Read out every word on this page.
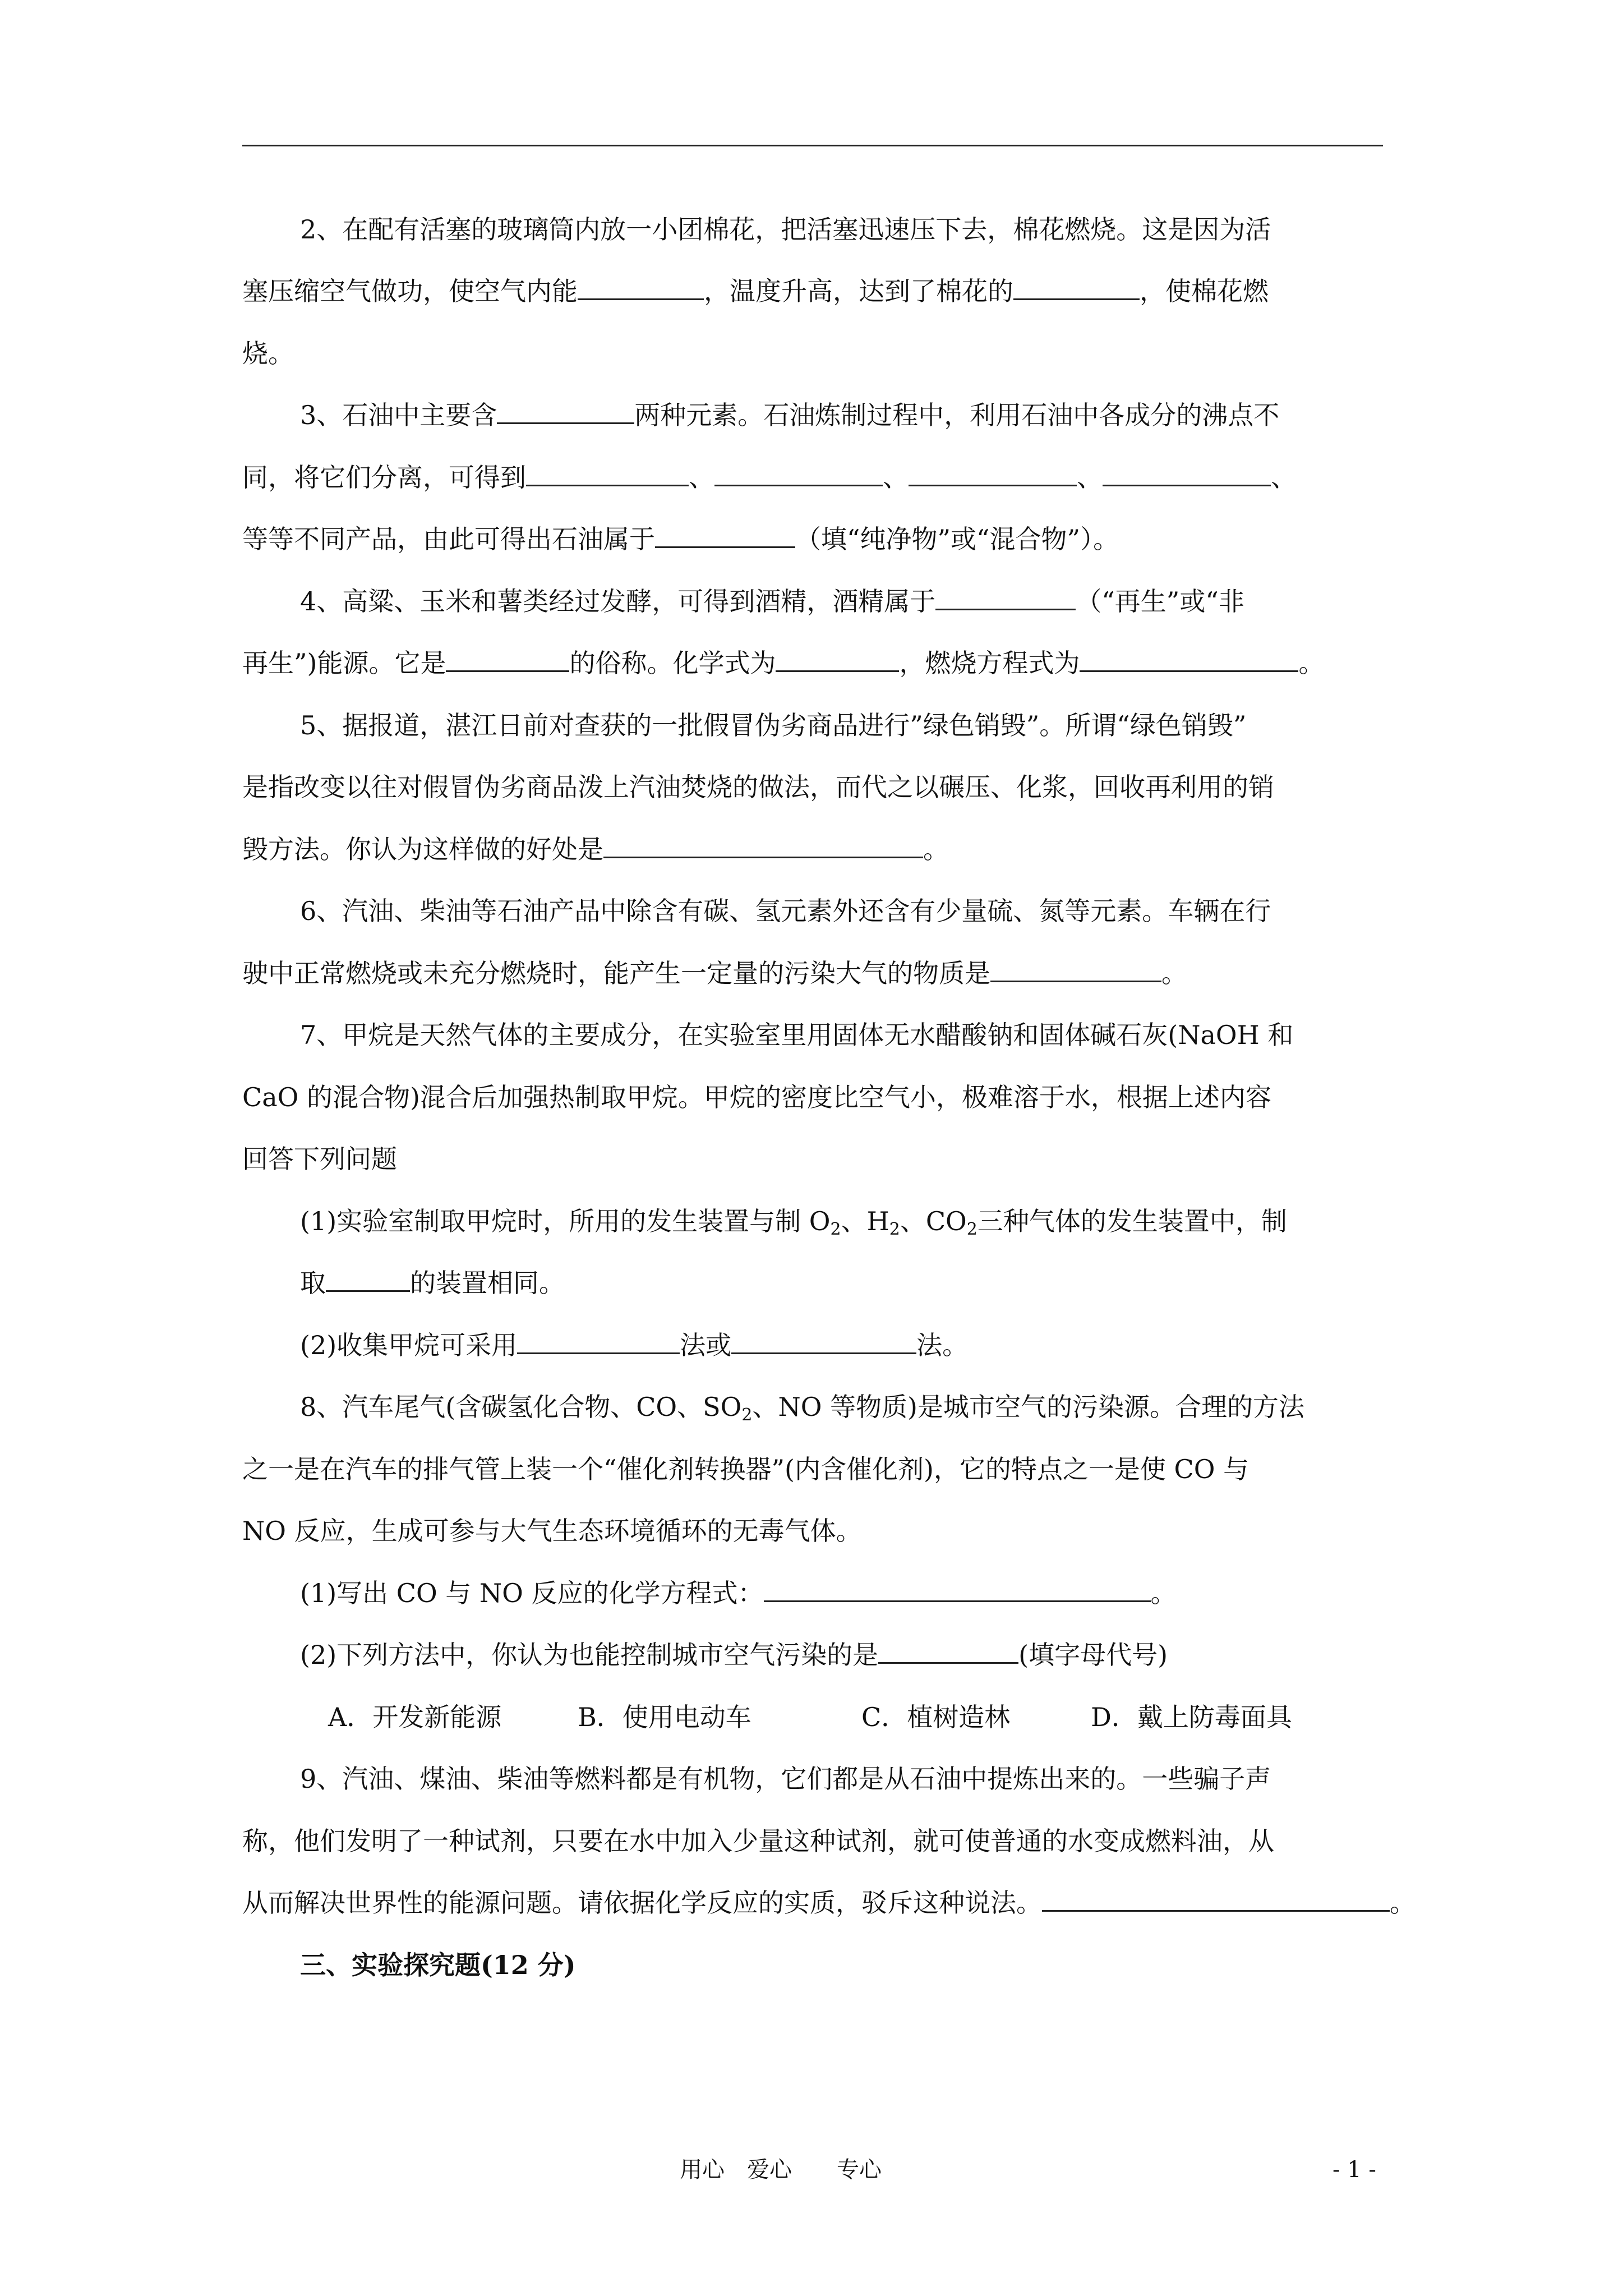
2、在配有活塞的玻璃筒内放一小团棉花，把活塞迅速压下去，棉花燃烧。这是因为活
塞压缩空气做功，使空气内能	，温度升高，达到了棉花的	，使棉花燃
烧。
3、石油中主要含	两种元素。石油炼制过程中，利用石油中各成分的沸点不
同，将它们分离，可得到	、	、	、	、
等等不同产品，由此可得出石油属于	（填“纯净物”或“混合物”）。
4、高粱、玉米和薯类经过发酵，可得到酒精，酒精属于	（“再生”或“非
再生”)能源。它是	的俗称。化学式为	，燃烧方程式为	。
5、据报道，湛江日前对查获的一批假冒伪劣商品进行”绿色销毁”。所谓“绿色销毁”
是指改变以往对假冒伪劣商品泼上汽油焚烧的做法，而代之以碾压、化浆，回收再利用的销
毁方法。你认为这样做的好处是	。
6、汽油、柴油等石油产品中除含有碳、氢元素外还含有少量硫、氮等元素。车辆在行
驶中正常燃烧或未充分燃烧时，能产生一定量的污染大气的物质是	。
7、甲烷是天然气体的主要成分，在实验室里用固体无水醋酸钠和固体碱石灰(NaOH 和
CaO 的混合物)混合后加强热制取甲烷。甲烷的密度比空气小，极难溶于水，根据上述内容
回答下列问题
(1)实验室制取甲烷时，所用的发生装置与制 $O_2$、$H_2$、$CO_2$三种气体的发生装置中，制
取	的装置相同。
(2)收集甲烷可采用	法或	法。
8、汽车尾气(含碳氢化合物、CO、$SO_2$、NO 等物质)是城市空气的污染源。合理的方法
之一是在汽车的排气管上装一个“催化剂转换器”(内含催化剂)，它的特点之一是使 CO 与
NO 反应，生成可参与大气生态环境循环的无毒气体。
(1)写出 CO 与 NO 反应的化学方程式：	。
(2)下列方法中，你认为也能控制城市空气污染的是	(填字母代号)
A．开发新能源	B．使用电动车	C．植树造林	D．戴上防毒面具
9、汽油、煤油、柴油等燃料都是有机物，它们都是从石油中提炼出来的。一些骗子声
称，他们发明了一种试剂，只要在水中加入少量这种试剂，就可使普通的水变成燃料油，从
从而解决世界性的能源问题。请依据化学反应的实质，驳斥这种说法。	。
三、实验探究题(12 分)
用心　爱心　　专心	- 1 -
